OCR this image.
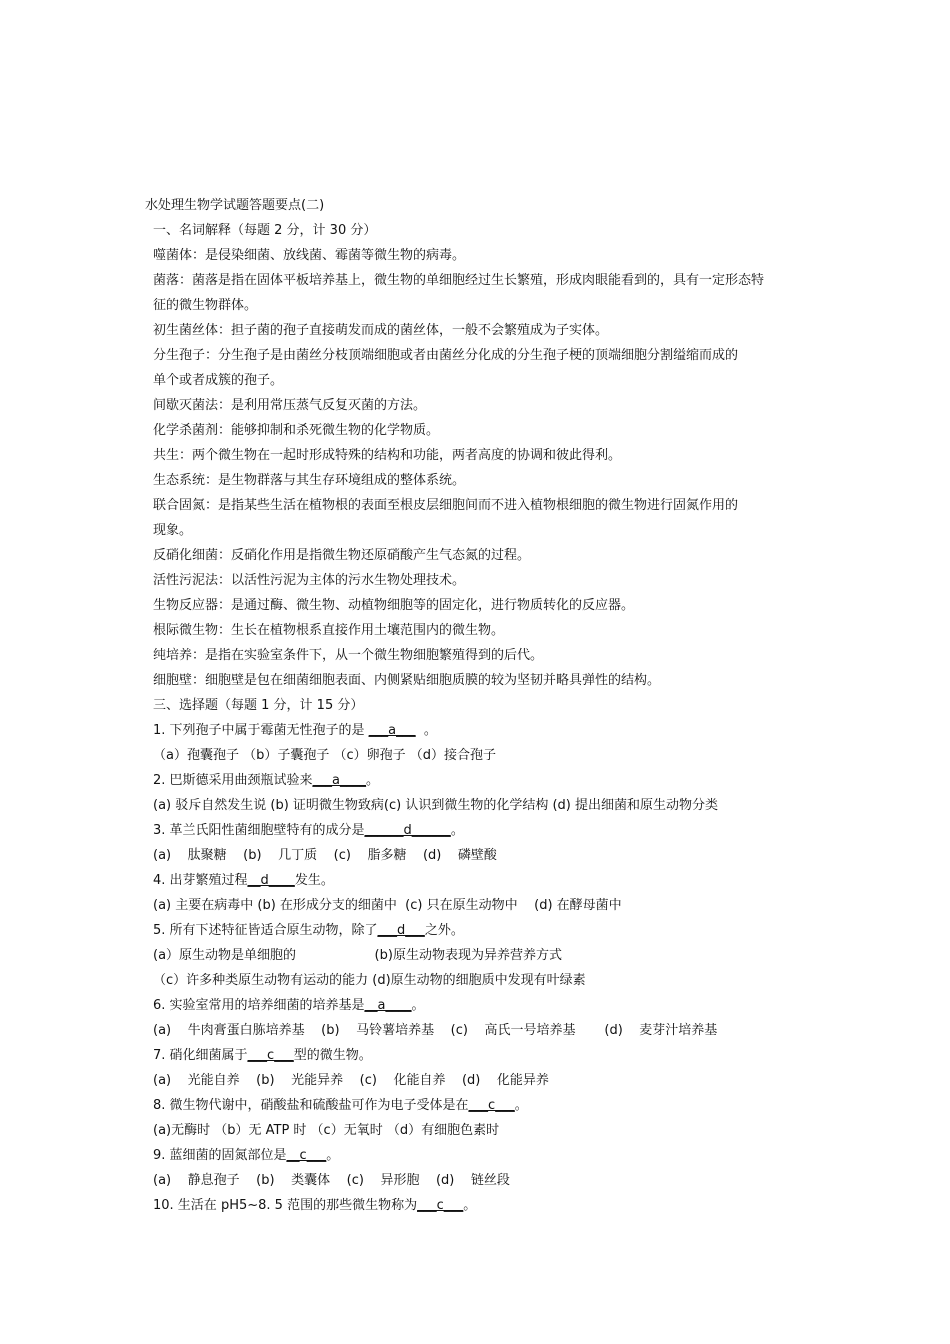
水处理生物学试题答题要点(二)
一、名词解释（每题 2 分，计 30 分）
噬菌体：是侵染细菌、放线菌、霉菌等微生物的病毒。
菌落：菌落是指在固体平板培养基上，微生物的单细胞经过生长繁殖，形成肉眼能看到的，具有一定形态特
征的微生物群体。
初生菌丝体：担子菌的孢子直接萌发而成的菌丝体，一般不会繁殖成为子实体。
分生孢子：分生孢子是由菌丝分枝顶端细胞或者由菌丝分化成的分生孢子梗的顶端细胞分割缢缩而成的
单个或者成簇的孢子。
间歇灭菌法：是利用常压蒸气反复灭菌的方法。
化学杀菌剂：能够抑制和杀死微生物的化学物质。
共生：两个微生物在一起时形成特殊的结构和功能，两者高度的协调和彼此得利。
生态系统：是生物群落与其生存环境组成的整体系统。
联合固氮：是指某些生活在植物根的表面至根皮层细胞间而不进入植物根细胞的微生物进行固氮作用的
现象。
反硝化细菌：反硝化作用是指微生物还原硝酸产生气态氮的过程。
活性污泥法：以活性污泥为主体的污水生物处理技术。
生物反应器：是通过酶、微生物、动植物细胞等的固定化，进行物质转化的反应器。
根际微生物：生长在植物根系直接作用土壤范围内的微生物。
纯培养：是指在实验室条件下，从一个微生物细胞繁殖得到的后代。
细胞壁：细胞壁是包在细菌细胞表面、内侧紧贴细胞质膜的较为坚韧并略具弹性的结构。
三、选择题（每题 1 分，计 15 分）
1. 下列孢子中属于霉菌无性孢子的是 ___a___  。
（a）孢囊孢子 （b）子囊孢子 （c）卵孢子 （d）接合孢子
2. 巴斯德采用曲颈瓶试验来___a____。
(a) 驳斥自然发生说 (b) 证明微生物致病(c) 认识到微生物的化学结构 (d) 提出细菌和原生动物分类
3. 革兰氏阳性菌细胞壁特有的成分是______d______。
(a)    肽聚糖    (b)    几丁质    (c)    脂多糖    (d)    磷壁酸
4. 出芽繁殖过程__d____发生。
(a) 主要在病毒中 (b) 在形成分支的细菌中  (c) 只在原生动物中    (d) 在酵母菌中
5. 所有下述特征皆适合原生动物，除了___d___之外。
(a）原生动物是单细胞的                   (b)原生动物表现为异养营养方式
（c）许多种类原生动物有运动的能力 (d)原生动物的细胞质中发现有叶绿素
6. 实验室常用的培养细菌的培养基是__a____。
(a)    牛肉膏蛋白胨培养基    (b)    马铃薯培养基    (c)    高氏一号培养基       (d)    麦芽汁培养基
7. 硝化细菌属于___c___型的微生物。
(a)    光能自养    (b)    光能异养    (c)    化能自养    (d)    化能异养
8. 微生物代谢中，硝酸盐和硫酸盐可作为电子受体是在___c___。
(a)无酶时 （b）无 ATP 时 （c）无氧时 （d）有细胞色素时
9. 蓝细菌的固氮部位是__c___。
(a)    静息孢子    (b)    类囊体    (c)    异形胞    (d)    链丝段
10. 生活在 pH5~8. 5 范围的那些微生物称为___c___。
